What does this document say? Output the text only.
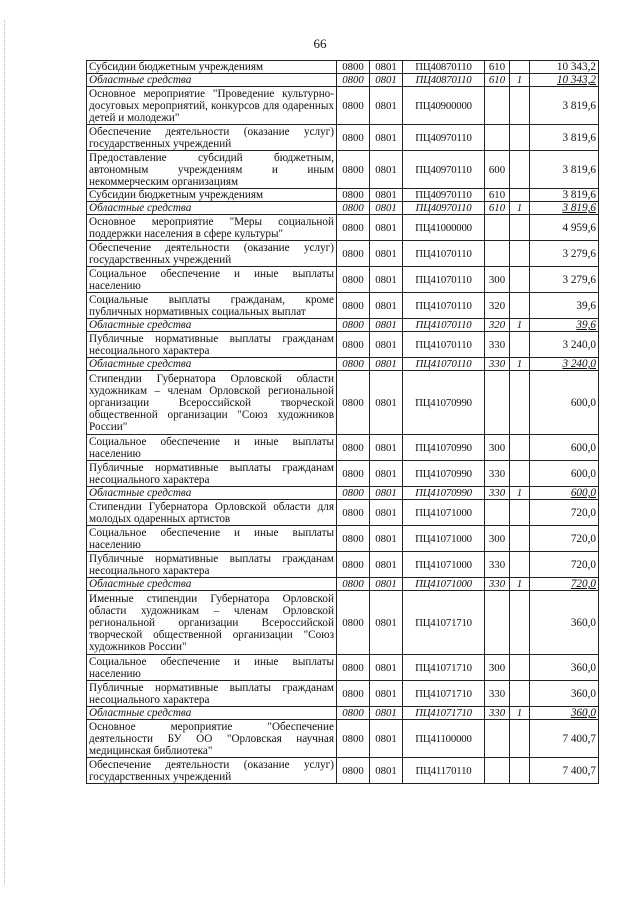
66
Субсидии бюджетным учреждениям	0800	0801	ПЦ40870110	610		10 343,2
Областные средства	0800	0801	ПЦ40870110	610	1	10 343,2
Основное мероприятие "Проведение культурно-досуговых мероприятий, конкурсов для одаренных детей и молодежи"	0800	0801	ПЦ40900000			3 819,6
Обеспечение деятельности (оказание услуг) государственных учреждений	0800	0801	ПЦ40970110			3 819,6
Предоставление субсидий бюджетным, автономным учреждениям и иным некоммерческим организациям	0800	0801	ПЦ40970110	600		3 819,6
Субсидии бюджетным учреждениям	0800	0801	ПЦ40970110	610		3 819,6
Областные средства	0800	0801	ПЦ40970110	610	1	3 819,6
Основное мероприятие "Меры социальной поддержки населения в сфере культуры"	0800	0801	ПЦ41000000			4 959,6
Обеспечение деятельности (оказание услуг) государственных учреждений	0800	0801	ПЦ41070110			3 279,6
Социальное обеспечение и иные выплаты населению	0800	0801	ПЦ41070110	300		3 279,6
Социальные выплаты гражданам, кроме публичных нормативных социальных выплат	0800	0801	ПЦ41070110	320		39,6
Областные средства	0800	0801	ПЦ41070110	320	1	39,6
Публичные нормативные выплаты гражданам несоциального характера	0800	0801	ПЦ41070110	330		3 240,0
Областные средства	0800	0801	ПЦ41070110	330	1	3 240,0
Стипендии Губернатора Орловской области художникам – членам Орловской региональной организации Всероссийской творческой общественной организации "Союз художников России"	0800	0801	ПЦ41070990			600,0
Социальное обеспечение и иные выплаты населению	0800	0801	ПЦ41070990	300		600,0
Публичные нормативные выплаты гражданам несоциального характера	0800	0801	ПЦ41070990	330		600,0
Областные средства	0800	0801	ПЦ41070990	330	1	600,0
Стипендии Губернатора Орловской области для молодых одаренных артистов	0800	0801	ПЦ41071000			720,0
Социальное обеспечение и иные выплаты населению	0800	0801	ПЦ41071000	300		720,0
Публичные нормативные выплаты гражданам несоциального характера	0800	0801	ПЦ41071000	330		720,0
Областные средства	0800	0801	ПЦ41071000	330	1	720,0
Именные стипендии Губернатора Орловской области художникам – членам Орловской региональной организации Всероссийской творческой общественной организации "Союз художников России"	0800	0801	ПЦ41071710			360,0
Социальное обеспечение и иные выплаты населению	0800	0801	ПЦ41071710	300		360,0
Публичные нормативные выплаты гражданам несоциального характера	0800	0801	ПЦ41071710	330		360,0
Областные средства	0800	0801	ПЦ41071710	330	1	360,0
Основное мероприятие "Обеспечение деятельности БУ ОО "Орловская научная медицинская библиотека"	0800	0801	ПЦ41100000			7 400,7
Обеспечение деятельности (оказание услуг) государственных учреждений	0800	0801	ПЦ41170110			7 400,7
